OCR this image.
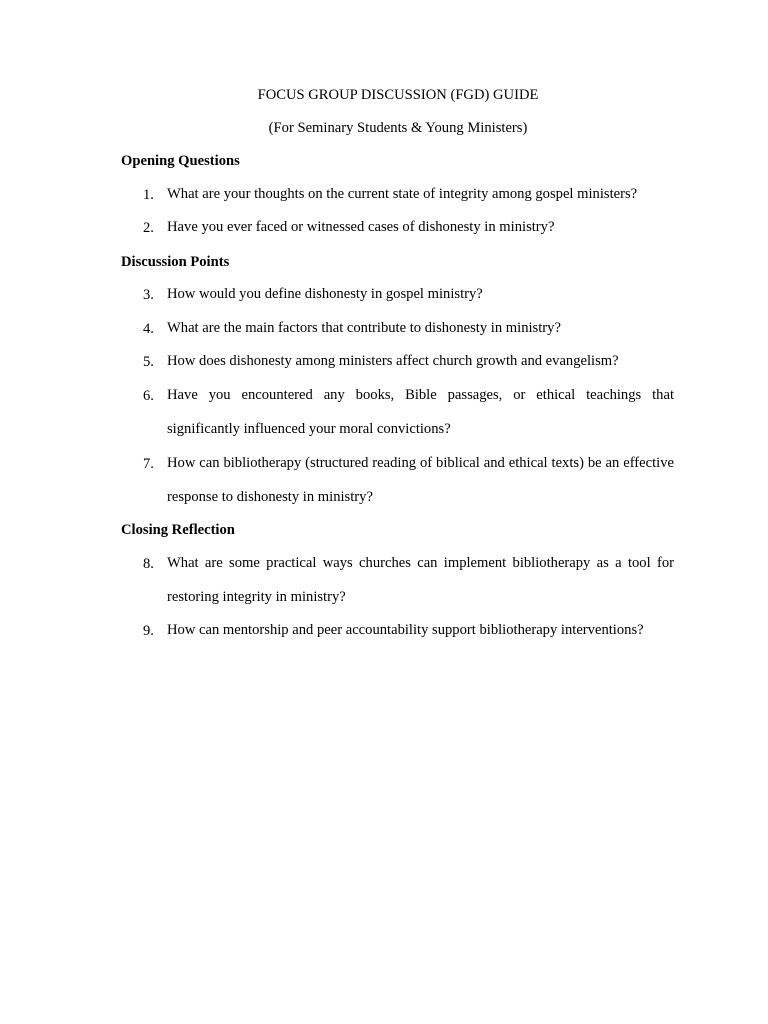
FOCUS GROUP DISCUSSION (FGD) GUIDE
(For Seminary Students & Young Ministers)
Opening Questions
1. What are your thoughts on the current state of integrity among gospel ministers?
2. Have you ever faced or witnessed cases of dishonesty in ministry?
Discussion Points
3. How would you define dishonesty in gospel ministry?
4. What are the main factors that contribute to dishonesty in ministry?
5. How does dishonesty among ministers affect church growth and evangelism?
6. Have you encountered any books, Bible passages, or ethical teachings that significantly influenced your moral convictions?
7. How can bibliotherapy (structured reading of biblical and ethical texts) be an effective response to dishonesty in ministry?
Closing Reflection
8. What are some practical ways churches can implement bibliotherapy as a tool for restoring integrity in ministry?
9. How can mentorship and peer accountability support bibliotherapy interventions?
